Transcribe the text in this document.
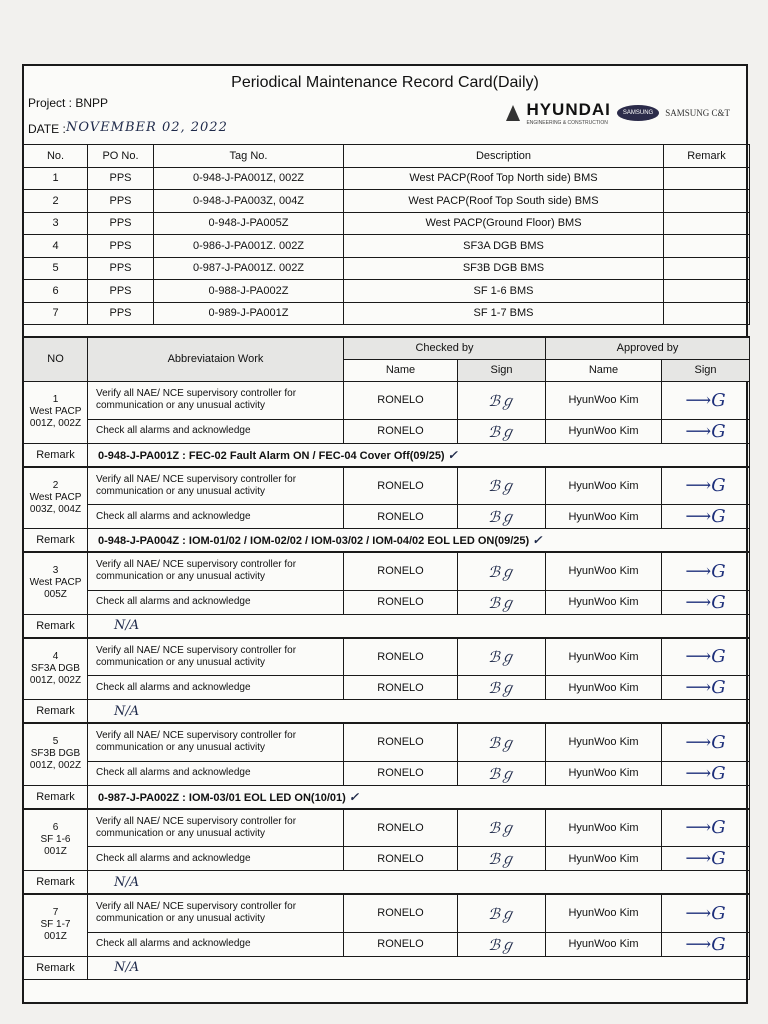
Periodical Maintenance Record Card(Daily)
Project : BNPP
DATE : NOVEMBER 02, 2022
HYUNDAI
ENGINEERING & CONSTRUCTION
SAMSUNG	SAMSUNG C&T
No.	PO No.	Tag No.	Description	Remark
1	PPS	0-948-J-PA001Z, 002Z	West PACP(Roof Top North side) BMS	
2	PPS	0-948-J-PA003Z, 004Z	West PACP(Roof Top South side) BMS	
3	PPS	0-948-J-PA005Z	West PACP(Ground Floor) BMS	
4	PPS	0-986-J-PA001Z. 002Z	SF3A DGB BMS	
5	PPS	0-987-J-PA001Z. 002Z	SF3B DGB BMS	
6	PPS	0-988-J-PA002Z	SF 1-6 BMS	
7	PPS	0-989-J-PA001Z	SF 1-7 BMS	
NO	Abbreviataion Work	Checked by		Approved by	
		Name	Sign	Name	Sign

1
West PACP
001Z, 002Z	Verify all NAE/ NCE supervisory controller for communication or any unusual activity	RONELO	ℬℊ	HyunWoo Kim	⟶G
	Check all alarms and acknowledge	RONELO	ℬℊ	HyunWoo Kim	⟶G
Remark	0-948-J-PA001Z : FEC-02 Fault Alarm ON / FEC-04 Cover Off(09/25) ✓				

2
West PACP
003Z, 004Z	Verify all NAE/ NCE supervisory controller for communication or any unusual activity	RONELO	ℬℊ	HyunWoo Kim	⟶G
	Check all alarms and acknowledge	RONELO	ℬℊ	HyunWoo Kim	⟶G
Remark	0-948-J-PA004Z : IOM-01/02 / IOM-02/02 / IOM-03/02 / IOM-04/02 EOL LED ON(09/25) ✓				

3
West PACP
005Z	Verify all NAE/ NCE supervisory controller for communication or any unusual activity	RONELO	ℬℊ	HyunWoo Kim	⟶G
	Check all alarms and acknowledge	RONELO	ℬℊ	HyunWoo Kim	⟶G
Remark	N/A				

4
SF3A DGB
001Z, 002Z	Verify all NAE/ NCE supervisory controller for communication or any unusual activity	RONELO	ℬℊ	HyunWoo Kim	⟶G
	Check all alarms and acknowledge	RONELO	ℬℊ	HyunWoo Kim	⟶G
Remark	N/A				

5
SF3B DGB
001Z, 002Z	Verify all NAE/ NCE supervisory controller for communication or any unusual activity	RONELO	ℬℊ	HyunWoo Kim	⟶G
	Check all alarms and acknowledge	RONELO	ℬℊ	HyunWoo Kim	⟶G
Remark	0-987-J-PA002Z : IOM-03/01 EOL LED ON(10/01) ✓				

6
SF 1-6
001Z	Verify all NAE/ NCE supervisory controller for communication or any unusual activity	RONELO	ℬℊ	HyunWoo Kim	⟶G
	Check all alarms and acknowledge	RONELO	ℬℊ	HyunWoo Kim	⟶G
Remark	N/A				

7
SF 1-7
001Z	Verify all NAE/ NCE supervisory controller for communication or any unusual activity	RONELO	ℬℊ	HyunWoo Kim	⟶G
	Check all alarms and acknowledge	RONELO	ℬℊ	HyunWoo Kim	⟶G
Remark	N/A				
